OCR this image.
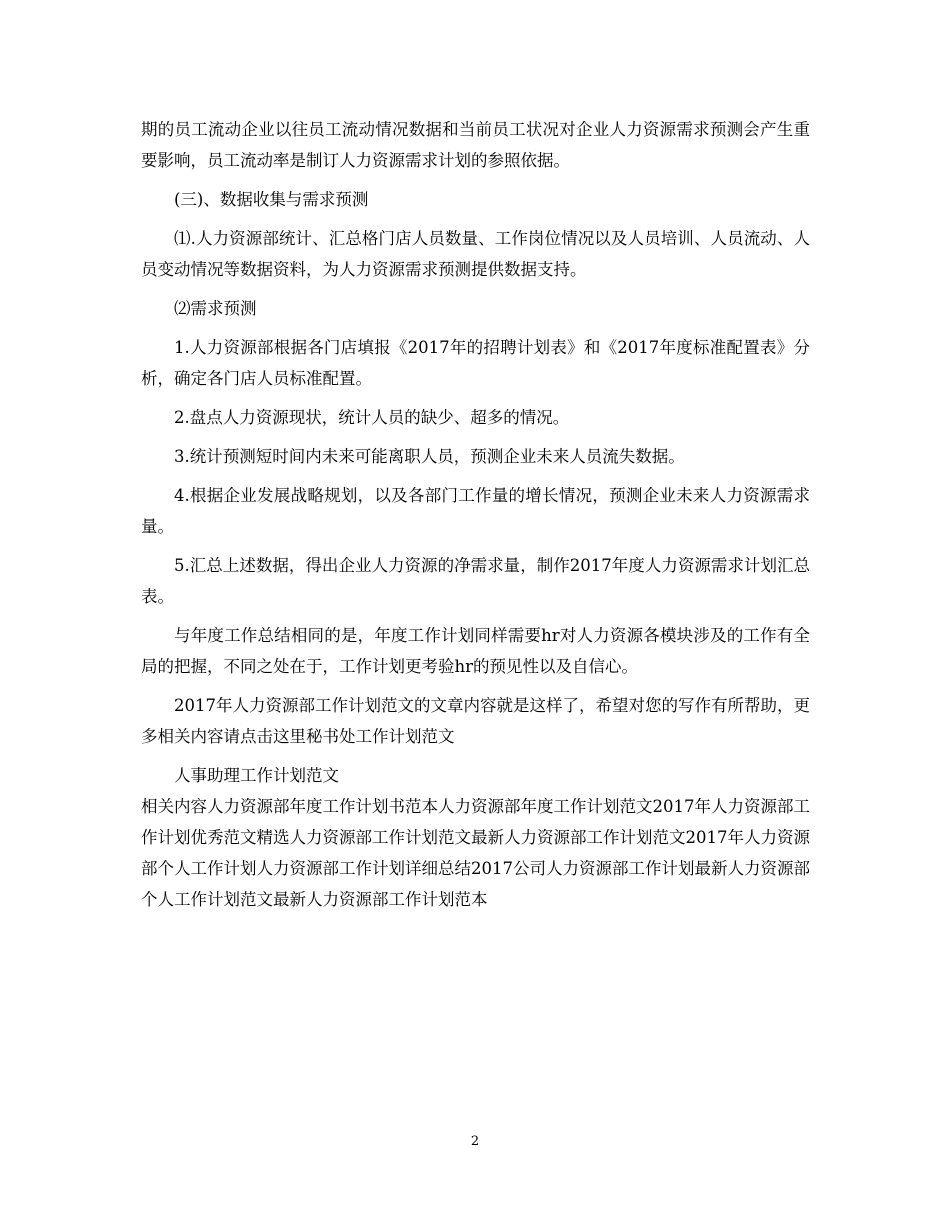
期的员工流动企业以往员工流动情况数据和当前员工状况对企业人力资源需求预测会产生重要影响，员工流动率是制订人力资源需求计划的参照依据。

(三)、数据收集与需求预测

⑴.人力资源部统计、汇总格门店人员数量、工作岗位情况以及人员培训、人员流动、人员变动情况等数据资料，为人力资源需求预测提供数据支持。

⑵需求预测

1.人力资源部根据各门店填报《2017年的招聘计划表》和《2017年度标准配置表》分析，确定各门店人员标准配置。

2.盘点人力资源现状，统计人员的缺少、超多的情况。

3.统计预测短时间内未来可能离职人员，预测企业未来人员流失数据。

4.根据企业发展战略规划，以及各部门工作量的增长情况，预测企业未来人力资源需求量。

5.汇总上述数据，得出企业人力资源的净需求量，制作2017年度人力资源需求计划汇总表。

与年度工作总结相同的是，年度工作计划同样需要hr对人力资源各模块涉及的工作有全局的把握，不同之处在于，工作计划更考验hr的预见性以及自信心。

2017年人力资源部工作计划范文的文章内容就是这样了，希望对您的写作有所帮助，更多相关内容请点击这里秘书处工作计划范文

人事助理工作计划范文

相关内容人力资源部年度工作计划书范本人力资源部年度工作计划范文2017年人力资源部工作计划优秀范文精选人力资源部工作计划范文最新人力资源部工作计划范文2017年人力资源部个人工作计划人力资源部工作计划详细总结2017公司人力资源部工作计划最新人力资源部个人工作计划范文最新人力资源部工作计划范本

2
